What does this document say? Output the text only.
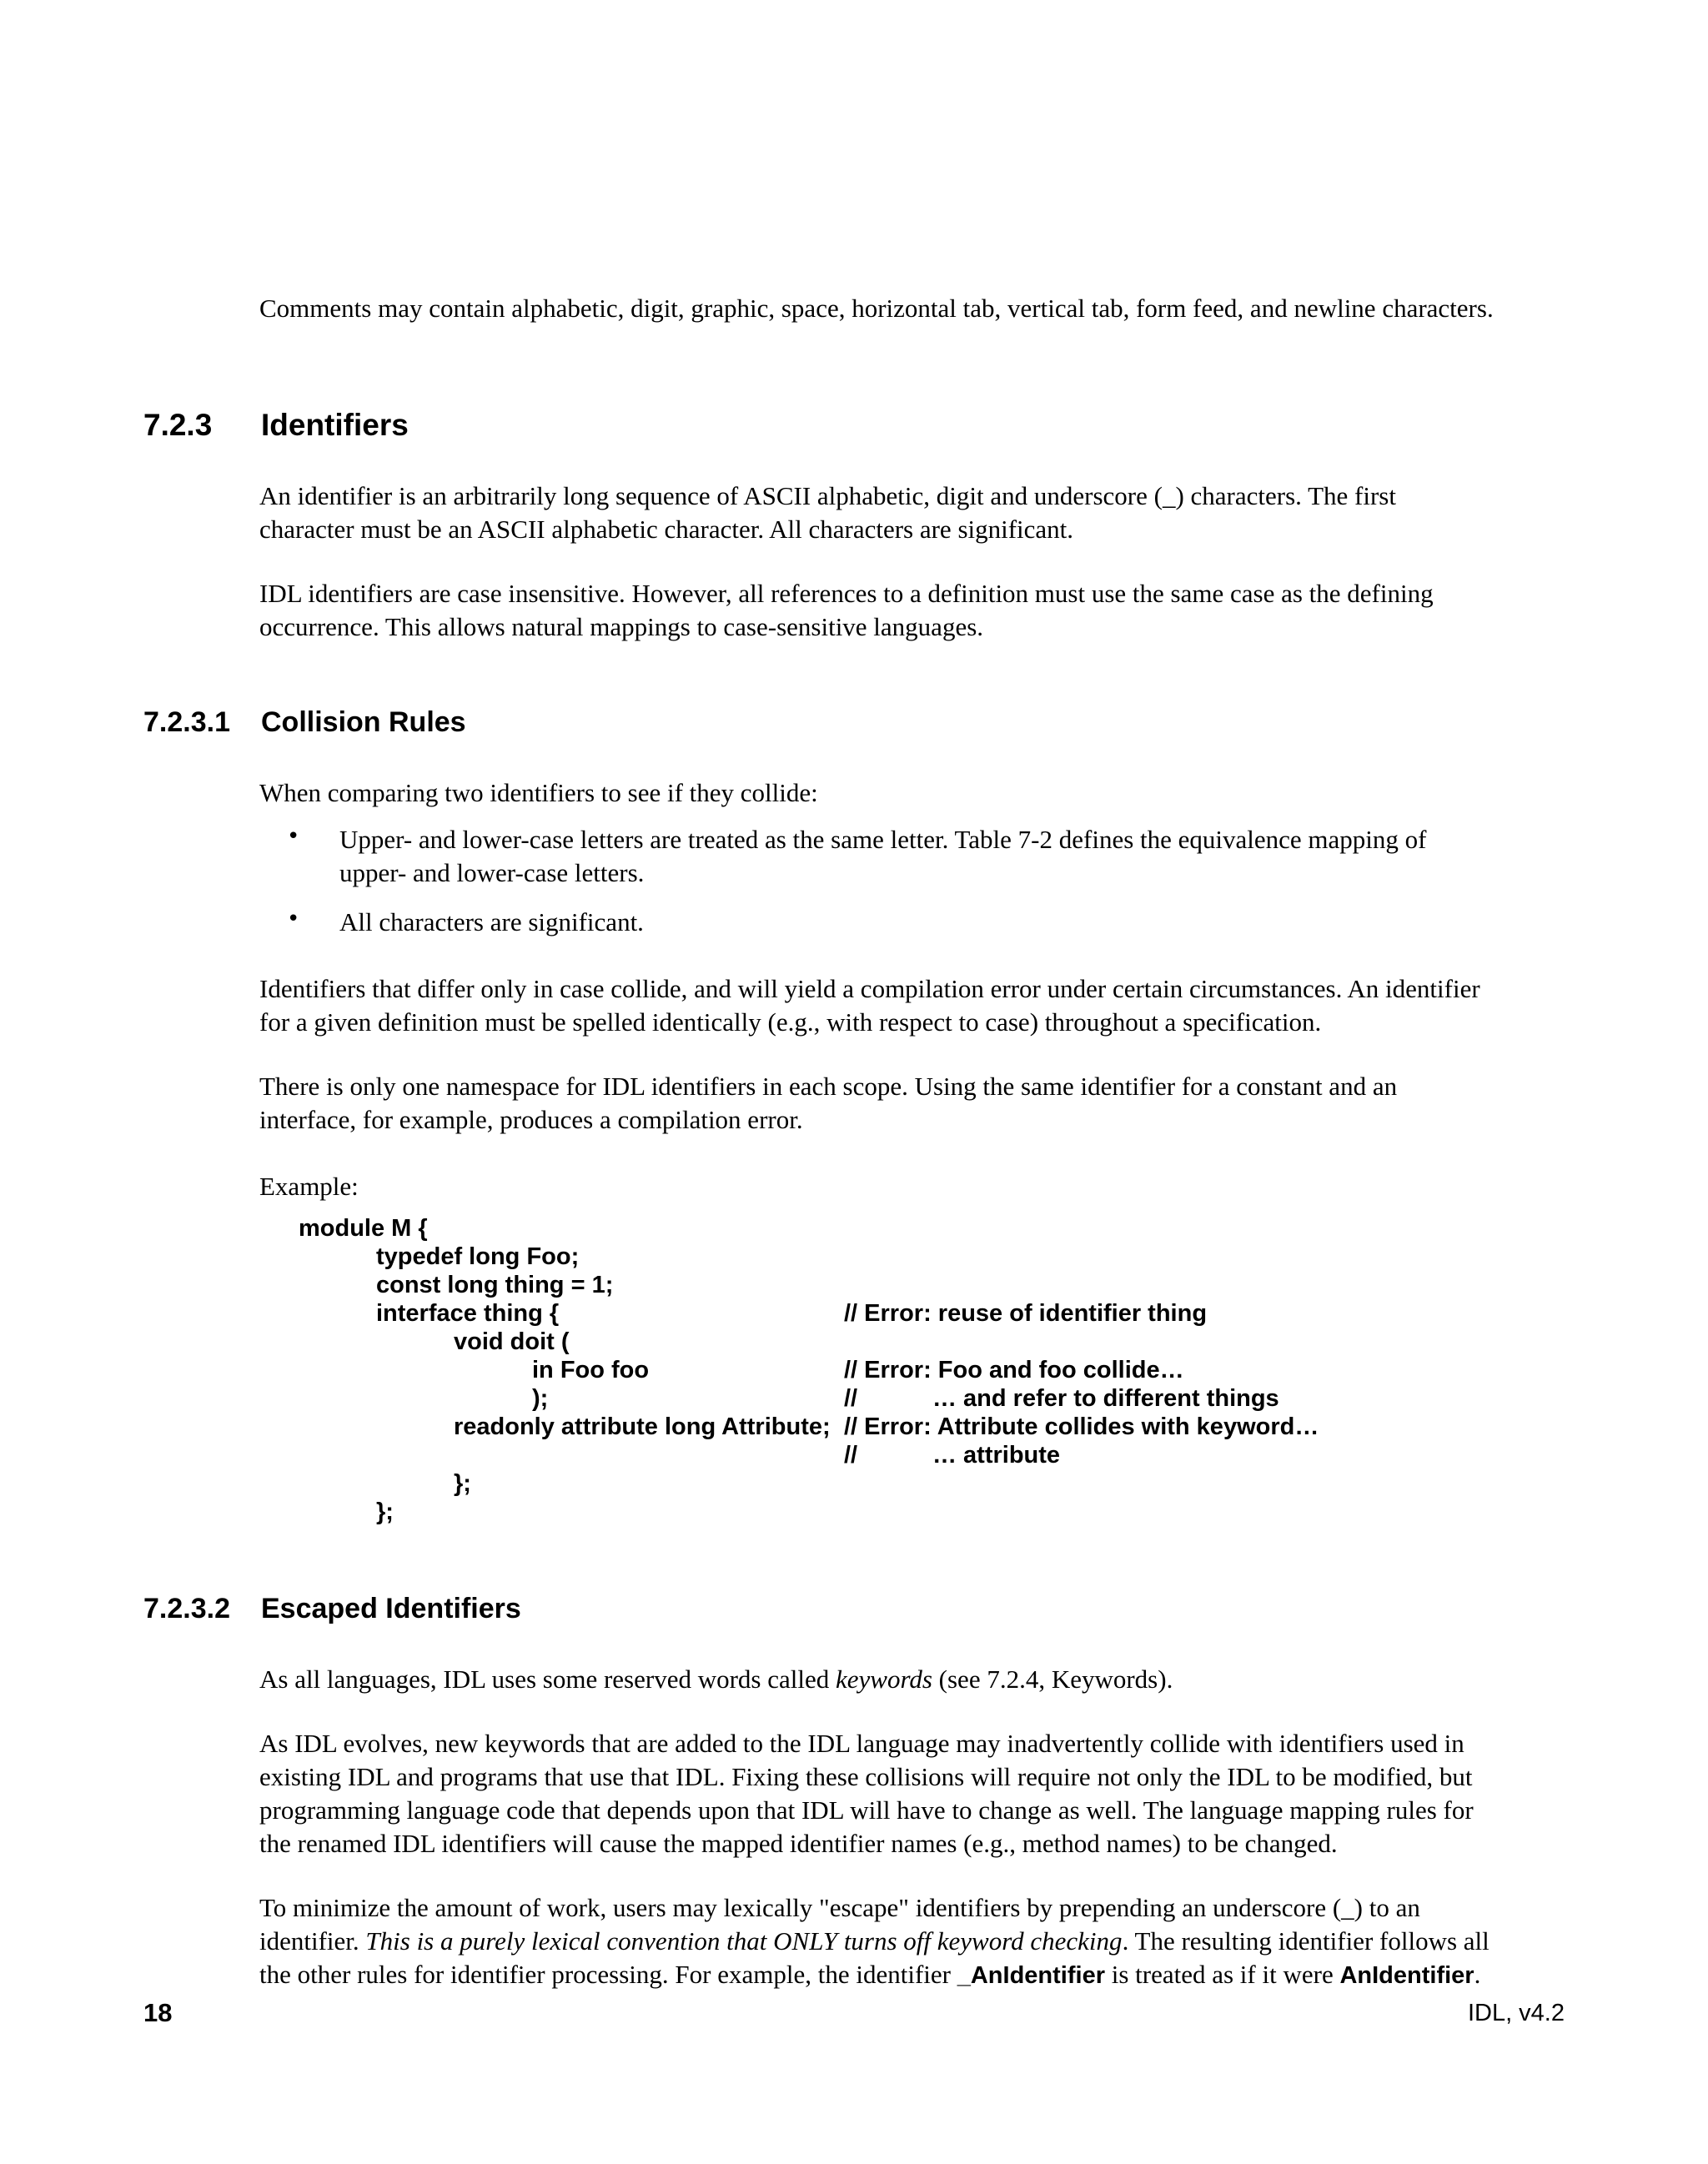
Comments may contain alphabetic, digit, graphic, space, horizontal tab, vertical tab, form feed, and newline characters.

7.2.3 Identifiers
An identifier is an arbitrarily long sequence of ASCII alphabetic, digit and underscore (_) characters. The first
character must be an ASCII alphabetic character. All characters are significant.
IDL identifiers are case insensitive. However, all references to a definition must use the same case as the defining
occurrence. This allows natural mappings to case-sensitive languages.
7.2.3.1 Collision Rules

When comparing two identifiers to see if they collide:

• Upper- and lower-case letters are treated as the same letter. Table 7-2 defines the equivalence mapping of
upper- and lower-case letters.
• All characters are significant.

Identifiers that differ only in case collide, and will yield a compilation error under certain circumstances. An identifier
for a given definition must be spelled identically (e.g., with respect to case) throughout a specification.
There is only one namespace for IDL identifiers in each scope. Using the same identifier for a constant and an
interface, for example, produces a compilation error.

Example:

module M {
typedef long Foo;
const long thing = 1;
interface thing {	// Error: reuse of identifier thing
void doit (
in Foo foo	// Error: Foo and foo collide…
);	//	… and refer to different things
readonly attribute long Attribute; // Error: Attribute collides with keyword…
//	… attribute
};
};
7.2.3.2 Escaped Identifiers

As all languages, IDL uses some reserved words called keywords (see 7.2.4, Keywords).

As IDL evolves, new keywords that are added to the IDL language may inadvertently collide with identifiers used in
existing IDL and programs that use that IDL. Fixing these collisions will require not only the IDL to be modified, but
programming language code that depends upon that IDL will have to change as well. The language mapping rules for
the renamed IDL identifiers will cause the mapped identifier names (e.g., method names) to be changed.
To minimize the amount of work, users may lexically "escape" identifiers by prepending an underscore (_) to an
identifier. This is a purely lexical convention that ONLY turns off keyword checking. The resulting identifier follows all
the other rules for identifier processing. For example, the identifier _AnIdentifier is treated as if it were AnIdentifier.
18	IDL, v4.2
